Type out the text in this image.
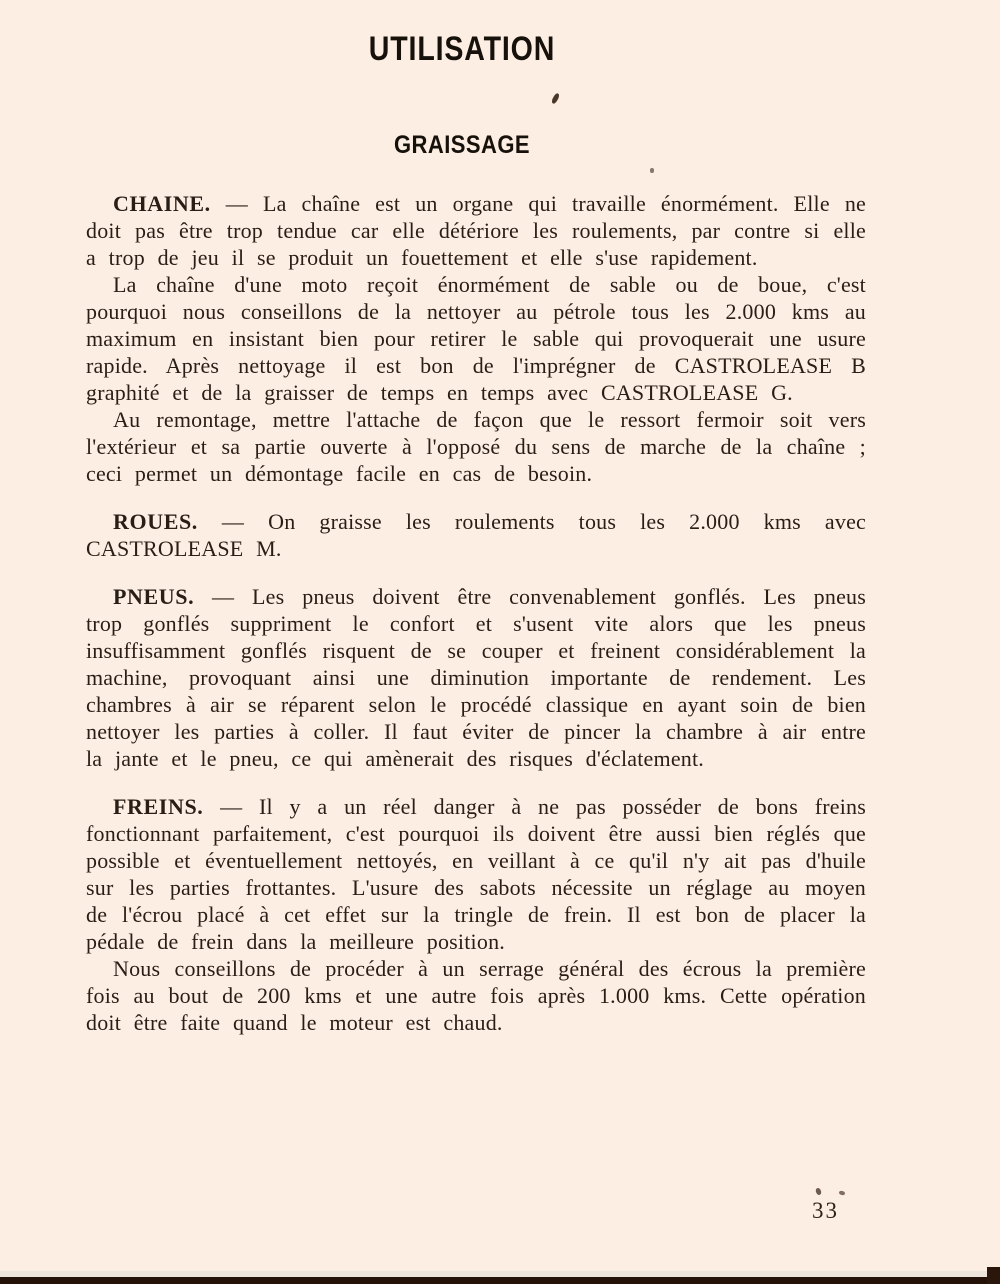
UTILISATION
GRAISSAGE

CHAINE. — La chaîne est un organe qui travaille énormément. Elle ne doit pas être trop tendue car elle détériore les roulements, par contre si elle a trop de jeu il se produit un fouettement et elle s'use rapidement.

La chaîne d'une moto reçoit énormément de sable ou de boue, c'est pourquoi nous conseillons de la nettoyer au pétrole tous les 2.000 kms au maximum en insistant bien pour retirer le sable qui provoquerait une usure rapide. Après nettoyage il est bon de l'imprégner de CASTROLEASE B graphité et de la graisser de temps en temps avec CASTROLEASE G.

Au remontage, mettre l'attache de façon que le ressort fermoir soit vers l'extérieur et sa partie ouverte à l'opposé du sens de marche de la chaîne ; ceci permet un démontage facile en cas de besoin.

ROUES. — On graisse les roulements tous les 2.000 kms avec CASTROLEASE M.

PNEUS. — Les pneus doivent être convenablement gonflés. Les pneus trop gonflés suppriment le confort et s'usent vite alors que les pneus insuffisamment gonflés risquent de se couper et freinent considérablement la machine, provoquant ainsi une diminution importante de rendement. Les chambres à air se réparent selon le procédé classique en ayant soin de bien nettoyer les parties à coller. Il faut éviter de pincer la chambre à air entre la jante et le pneu, ce qui amènerait des risques d'éclatement.

FREINS. — Il y a un réel danger à ne pas posséder de bons freins fonctionnant parfaitement, c'est pourquoi ils doivent être aussi bien réglés que possible et éventuellement nettoyés, en veillant à ce qu'il n'y ait pas d'huile sur les parties frottantes. L'usure des sabots nécessite un réglage au moyen de l'écrou placé à cet effet sur la tringle de frein. Il est bon de placer la pédale de frein dans la meilleure position.

Nous conseillons de procéder à un serrage général des écrous la première fois au bout de 200 kms et une autre fois après 1.000 kms. Cette opération doit être faite quand le moteur est chaud.

33
